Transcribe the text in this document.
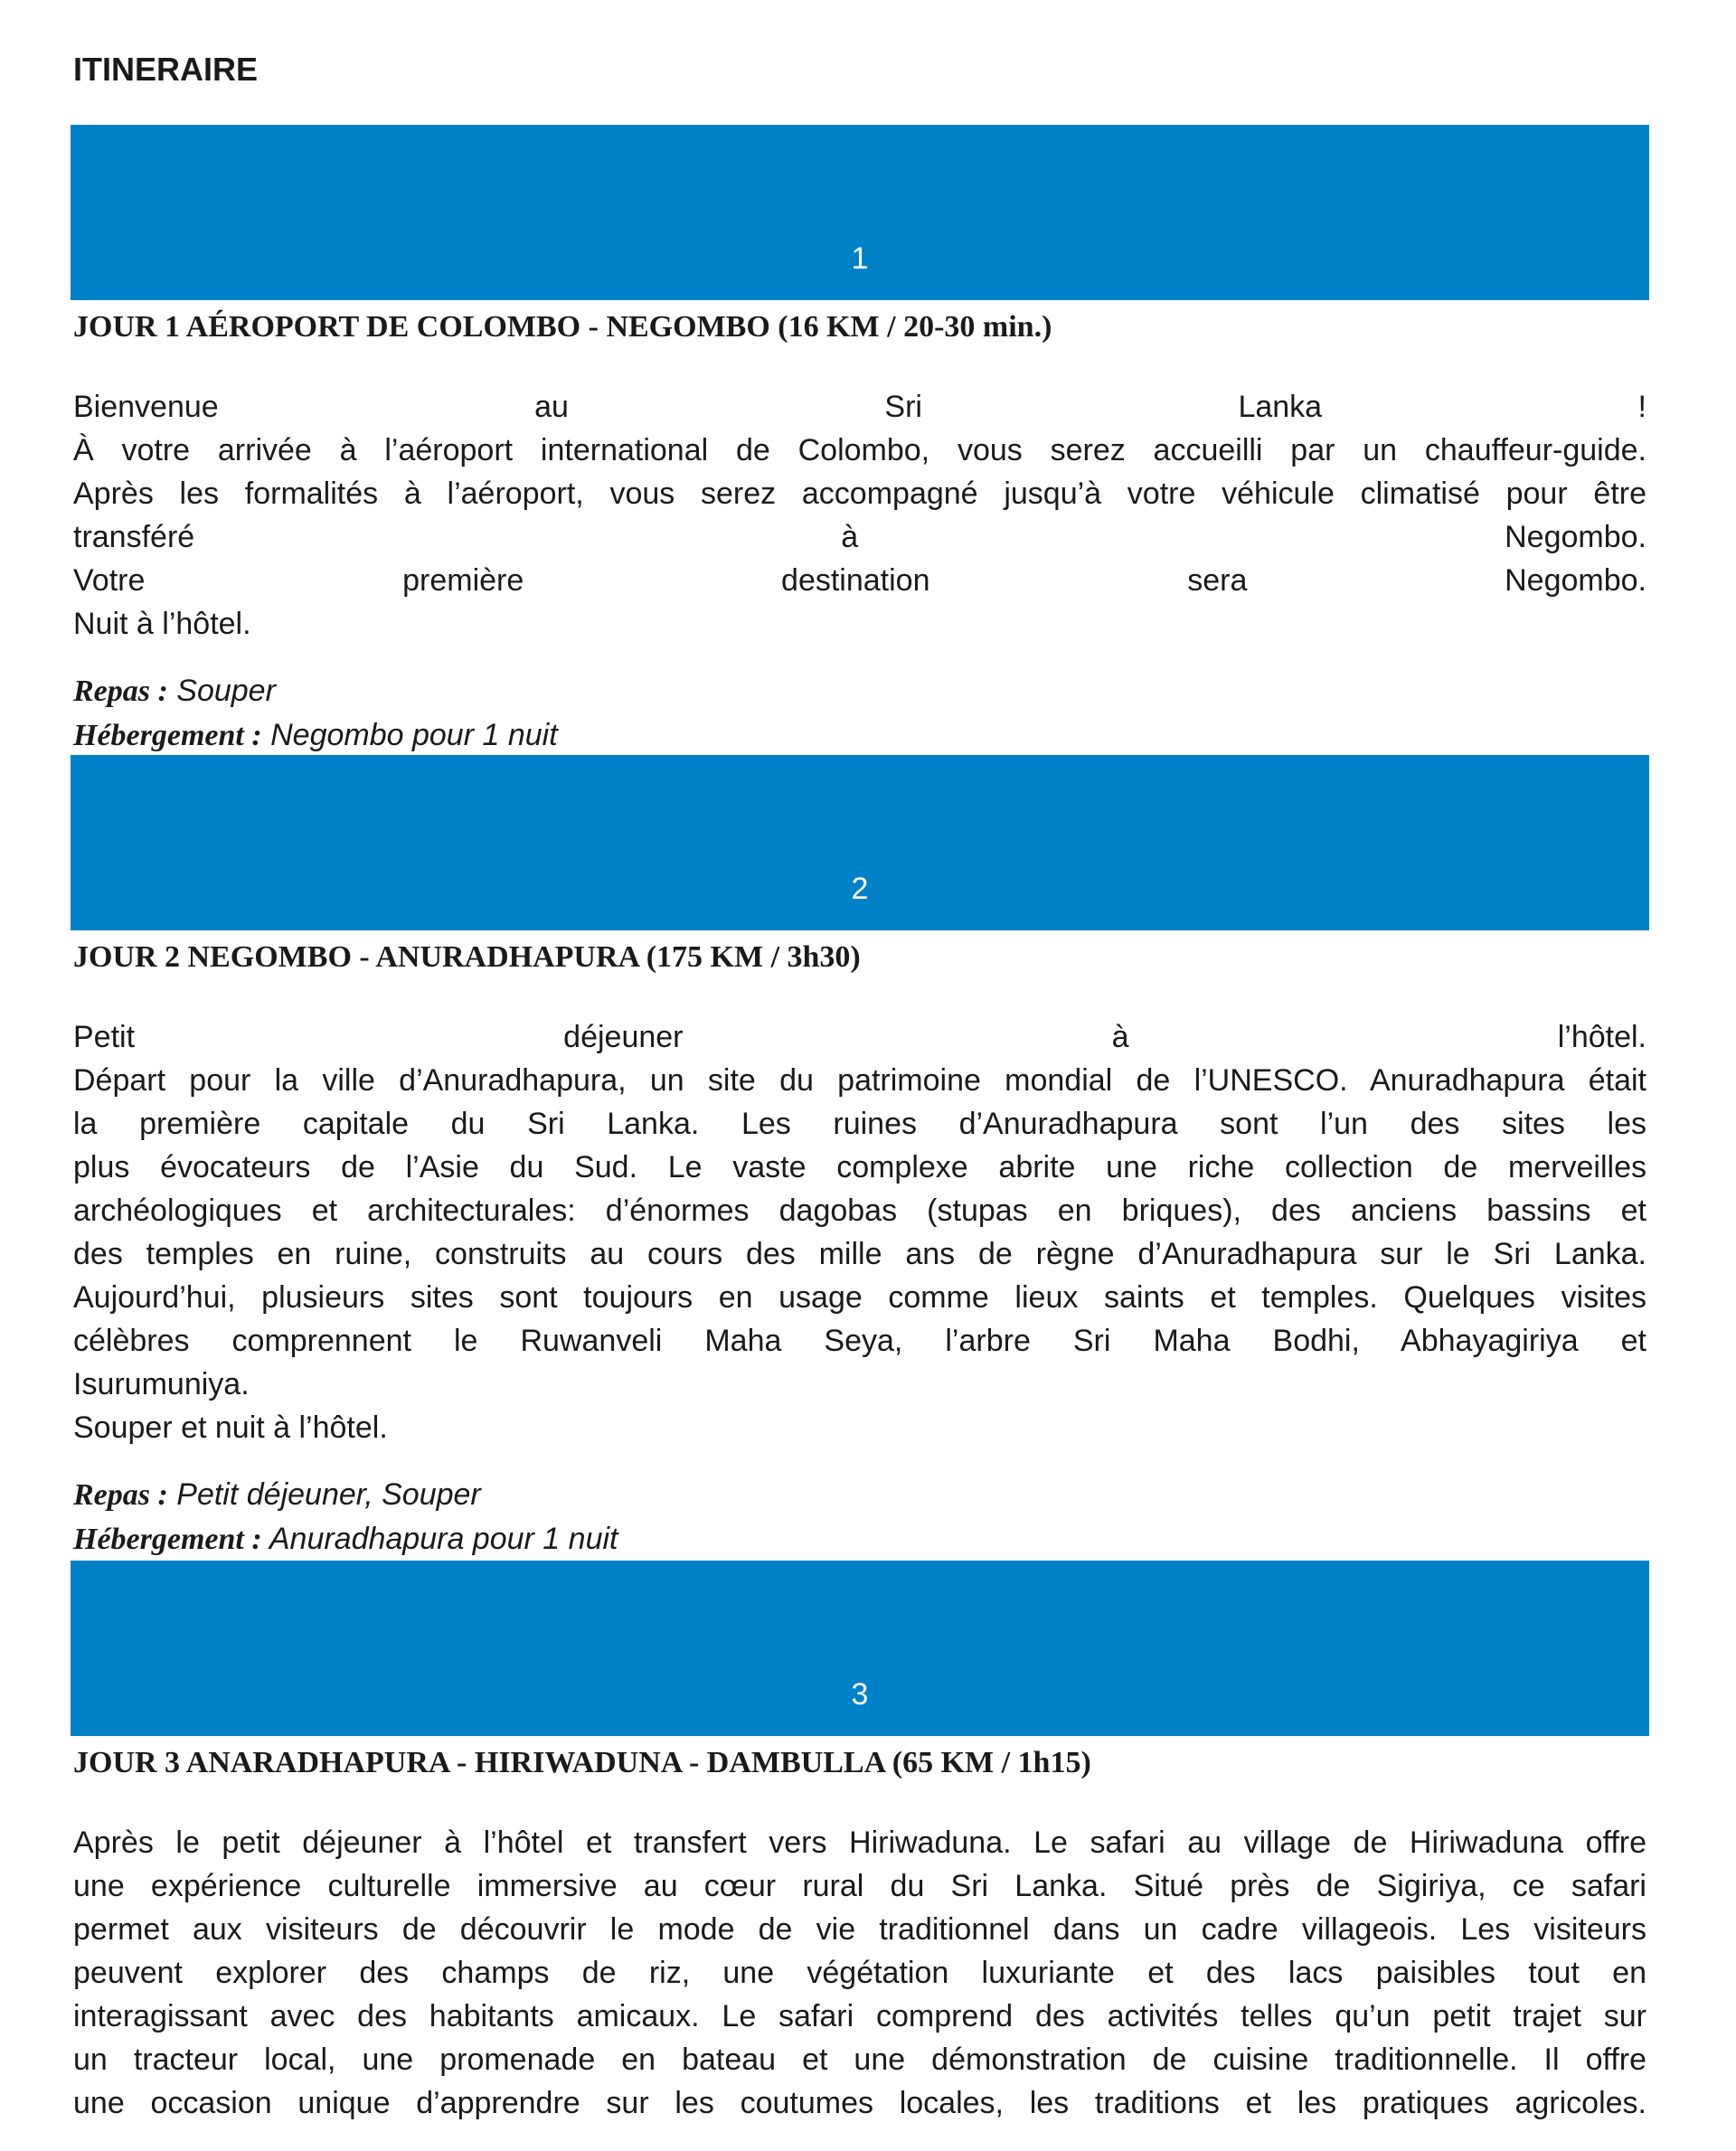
ITINERAIRE
1
JOUR 1 AÉROPORT DE COLOMBO - NEGOMBO (16 KM / 20-30 min.)
Bienvenue au Sri Lanka !
À votre arrivée à l’aéroport international de Colombo, vous serez accueilli par un chauffeur-guide.
Après les formalités à l’aéroport, vous serez accompagné jusqu’à votre véhicule climatisé pour être
transféré à Negombo.
Votre première destination sera Negombo.
Nuit à l’hôtel.
Repas : Souper
Hébergement : Negombo pour 1 nuit
2
JOUR 2 NEGOMBO - ANURADHAPURA (175 KM / 3h30)
Petit déjeuner à l’hôtel.
Départ pour la ville d’Anuradhapura, un site du patrimoine mondial de l’UNESCO. Anuradhapura était
la première capitale du Sri Lanka. Les ruines d’Anuradhapura sont l’un des sites les
plus évocateurs de l’Asie du Sud. Le vaste complexe abrite une riche collection de merveilles
archéologiques et architecturales: d’énormes dagobas (stupas en briques), des anciens bassins et
des temples en ruine, construits au cours des mille ans de règne d’Anuradhapura sur le Sri Lanka.
Aujourd’hui, plusieurs sites sont toujours en usage comme lieux saints et temples. Quelques visites
célèbres comprennent le Ruwanveli Maha Seya, l’arbre Sri Maha Bodhi, Abhayagiriya et
Isurumuniya.
Souper et nuit à l’hôtel.
Repas : Petit déjeuner, Souper
Hébergement : Anuradhapura pour 1 nuit
3
JOUR 3 ANARADHAPURA - HIRIWADUNA - DAMBULLA (65 KM / 1h15)
Après le petit déjeuner à l’hôtel et transfert vers Hiriwaduna. Le safari au village de Hiriwaduna offre
une expérience culturelle immersive au cœur rural du Sri Lanka. Situé près de Sigiriya, ce safari
permet aux visiteurs de découvrir le mode de vie traditionnel dans un cadre villageois. Les visiteurs
peuvent explorer des champs de riz, une végétation luxuriante et des lacs paisibles tout en
interagissant avec des habitants amicaux. Le safari comprend des activités telles qu’un petit trajet sur
un tracteur local, une promenade en bateau et une démonstration de cuisine traditionnelle. Il offre
une occasion unique d’apprendre sur les coutumes locales, les traditions et les pratiques agricoles.
